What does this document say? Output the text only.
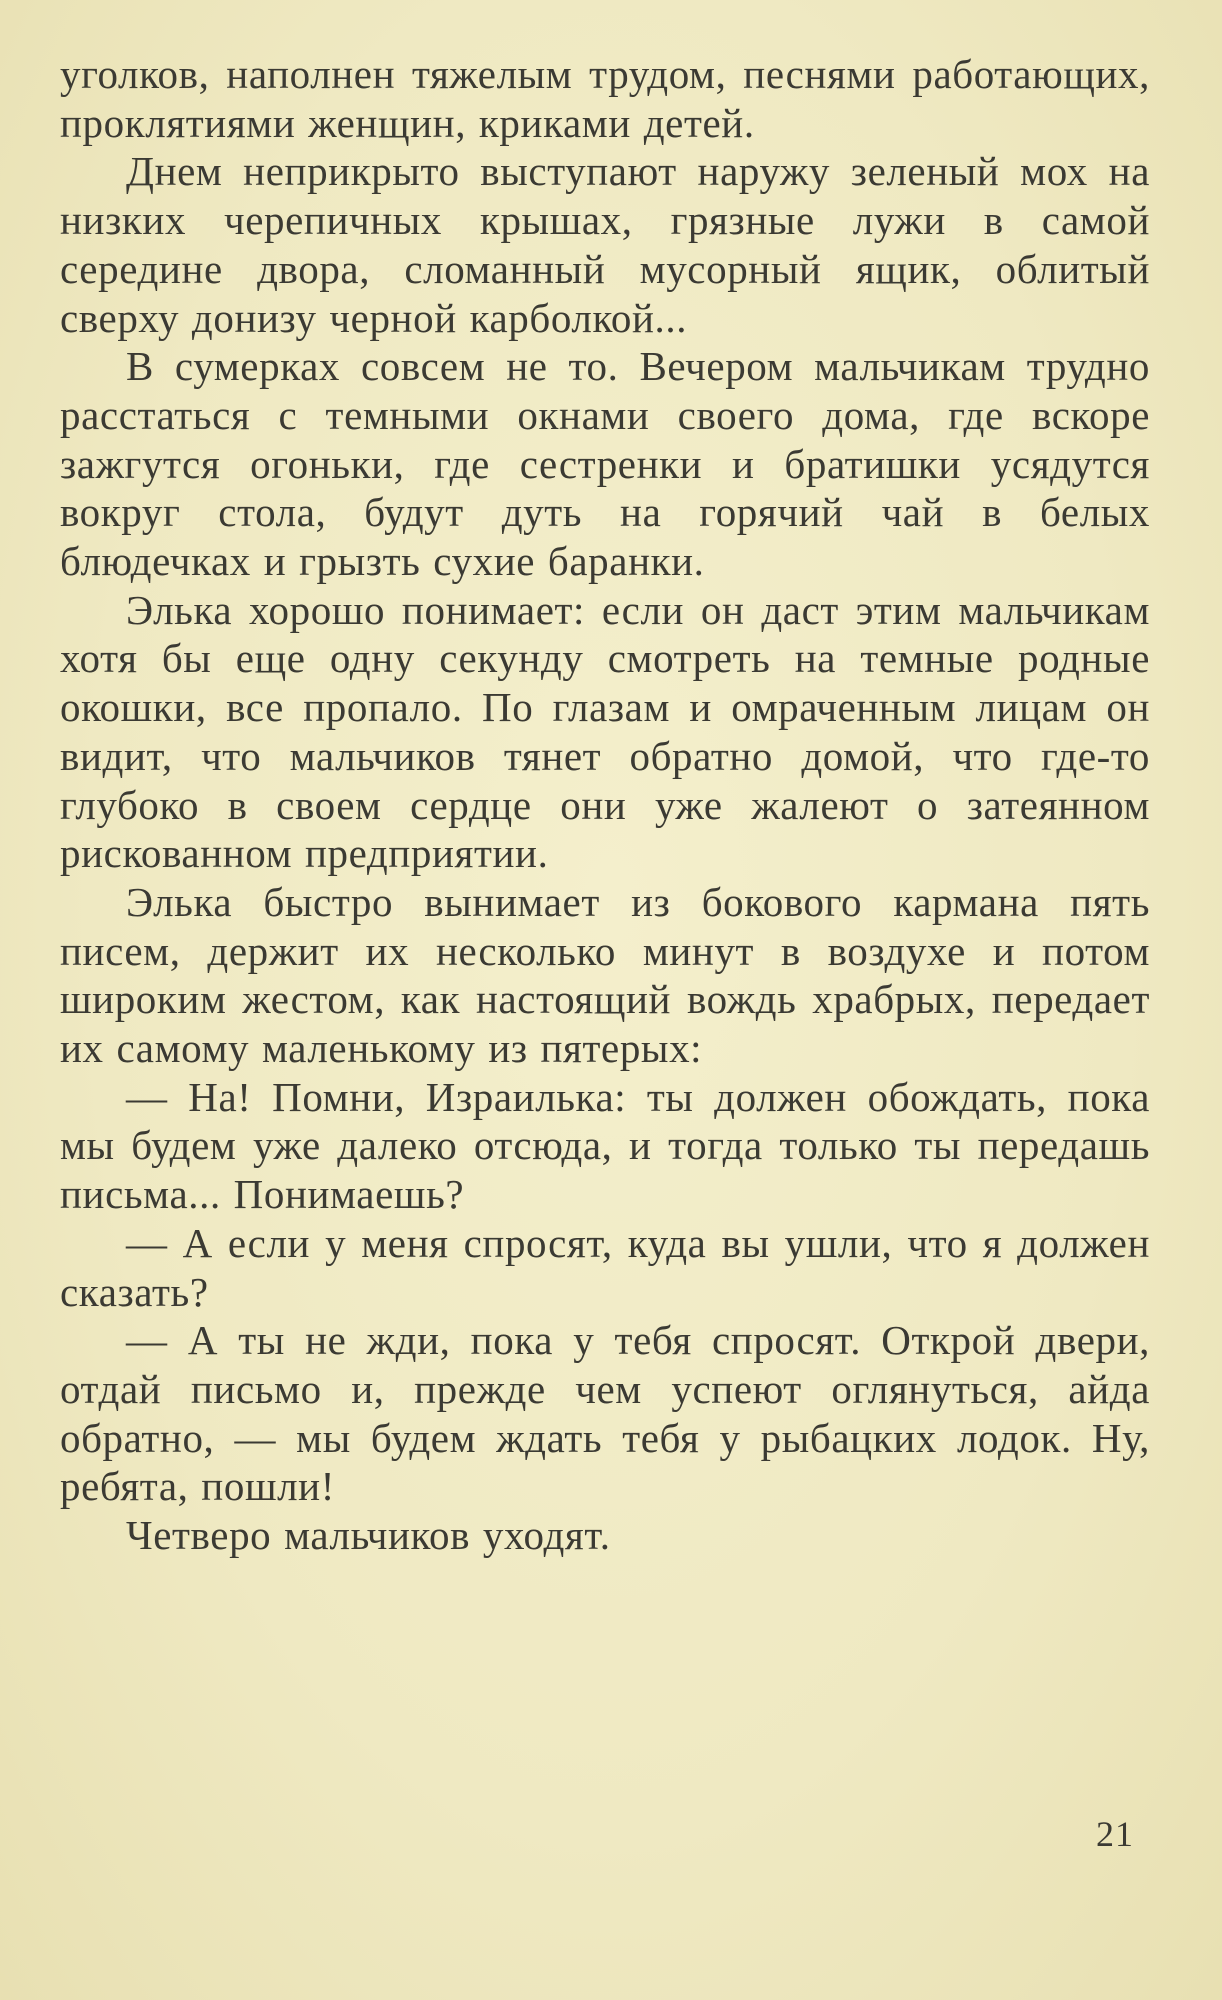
уголков, наполнен тяжелым трудом, песнями работающих, проклятиями женщин, криками детей.

Днем неприкрыто выступают наружу зеленый мох на низких черепичных крышах, грязные лужи в самой середине двора, сломанный мусорный ящик, облитый сверху донизу черной карболкой...

В сумерках совсем не то. Вечером мальчикам трудно расстаться с темными окнами своего дома, где вскоре зажгутся огоньки, где сестренки и братишки усядутся вокруг стола, будут дуть на горячий чай в белых блюдечках и грызть сухие баранки.

Элька хорошо понимает: если он даст этим мальчикам хотя бы еще одну секунду смотреть на темные родные окошки, все пропало. По глазам и омраченным лицам он видит, что мальчиков тянет обратно домой, что где-то глубоко в своем сердце они уже жалеют о затеянном рискованном предприятии.

Элька быстро вынимает из бокового кармана пять писем, держит их несколько минут в воздухе и потом широким жестом, как настоящий вождь храбрых, передает их самому маленькому из пятерых:

— На! Помни, Израилька: ты должен обождать, пока мы будем уже далеко отсюда, и тогда только ты передашь письма... Понимаешь?

— А если у меня спросят, куда вы ушли, что я должен сказать?

— А ты не жди, пока у тебя спросят. Открой двери, отдай письмо и, прежде чем успеют оглянуться, айда обратно, — мы будем ждать тебя у рыбацких лодок. Ну, ребята, пошли!

Четверо мальчиков уходят.

21
